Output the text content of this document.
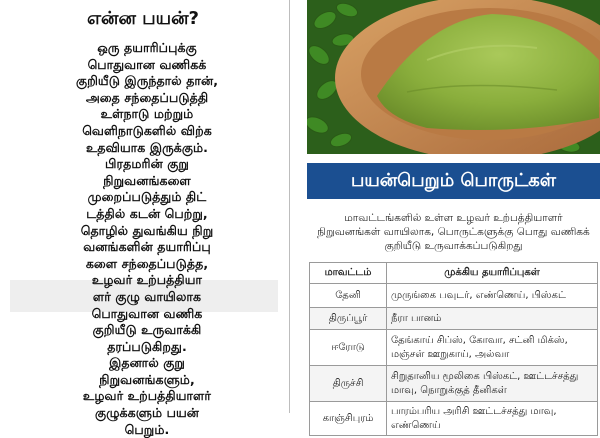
என்ன பயன்?

ஒரு தயாரிப்புக்கு

பொதுவான வணிகக்

குறியீடு இருந்தால் தான்,

அதை சந்தைப்படுத்தி

உள்நாடு மற்றும்

வெளிநாடுகளில் விற்க

உதவியாக இருக்கும்.

பிரதமரின் குறு

நிறுவனங்களை

முறைப்படுத்தும் திட்

டத்தில் கடன் பெற்று,

தொழில் துவங்கிய நிறு

வனங்களின் தயாரிப்பு

களை சந்தைப்படுத்த,

உழவர் உற்பத்தியா

ளர் குழு வாயிலாக

பொதுவான வணிக

குறியீடு உருவாக்கி

தரப்படுகிறது.

இதனால் குறு

நிறுவனங்களும்,

உழவர் உற்பத்தியாளர்

குழுக்களும் பயன்

பெறும்.

பயன்பெறும் பொருட்கள்
மாவட்டங்களில் உள்ள உழவர் உற்பத்தியாளர் நிறுவனங்கள் வாயிலாக, பொருட்களுக்கு பொது வணிகக் குறியீடு உருவாக்கப்படுகிறது
மாவட்டம்	முக்கிய தயாரிப்புகள்
தேனி	முருங்கை பவுடர், எண்ணெய், பிஸ்கட்
திருப்பூர்	நீரா பானம்
ஈரோடு	தேங்காய் சிப்ஸ், கோவா, சட்னி மிக்ஸ், மஞ்சள் ஊறுகாய், அல்வா
திருச்சி	சிறுதானிய மூலிகை பிஸ்கட், ஊட்டச்சத்து மாவு, நொறுக்குத் தீனிகள்
காஞ்சிபுரம்	பாரம்பரிய அரிசி ஊட்டச்சத்து மாவு, எண்ணெய்
